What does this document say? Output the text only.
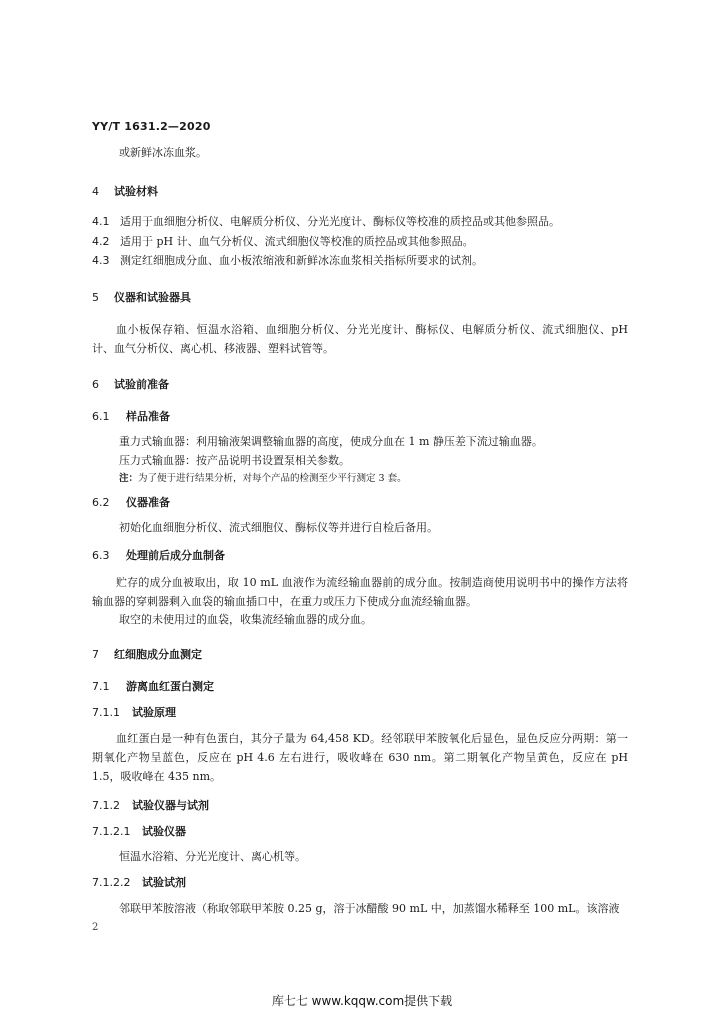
YY/T 1631.2—2020
或新鲜冰冻血浆。
4 试验材料
4.1 适用于血细胞分析仪、电解质分析仪、分光光度计、酶标仪等校准的质控品或其他参照品。
4.2 适用于 pH 计、血气分析仪、流式细胞仪等校准的质控品或其他参照品。
4.3 测定红细胞成分血、血小板浓缩液和新鲜冰冻血浆相关指标所要求的试剂。
5 仪器和试验器具
血小板保存箱、恒温水浴箱、血细胞分析仪、分光光度计、酶标仪、电解质分析仪、流式细胞仪、pH 计、血气分析仪、离心机、移液器、塑料试管等。
6 试验前准备
6.1 样品准备
重力式输血器：利用输液架调整输血器的高度，使成分血在 1 m 静压差下流过输血器。
压力式输血器：按产品说明书设置泵相关参数。
注：为了便于进行结果分析，对每个产品的检测至少平行测定 3 套。
6.2 仪器准备
初始化血细胞分析仪、流式细胞仪、酶标仪等并进行自检后备用。
6.3 处理前后成分血制备
贮存的成分血被取出，取 10 mL 血液作为流经输血器前的成分血。按制造商使用说明书中的操作方法将输血器的穿刺器剩入血袋的输血插口中，在重力或压力下使成分血流经输血器。
取空的未使用过的血袋，收集流经输血器的成分血。
7 红细胞成分血测定
7.1 游离血红蛋白测定
7.1.1 试验原理
血红蛋白是一种有色蛋白，其分子量为 64,458 KD。经邻联甲苯胺氧化后显色，显色反应分两期：第一期氧化产物呈蓝色，反应在 pH 4.6 左右进行，吸收峰在 630 nm。第二期氧化产物呈黄色，反应在 pH 1.5，吸收峰在 435 nm。
7.1.2 试验仪器与试剂
7.1.2.1 试验仪器
恒温水浴箱、分光光度计、离心机等。
7.1.2.2 试验试剂
邻联甲苯胺溶液（称取邻联甲苯胺 0.25 g，溶于冰醋酸 90 mL 中，加蒸馏水稀释至 100 mL。该溶液
2
库七七 www.kqqw.com提供下载
